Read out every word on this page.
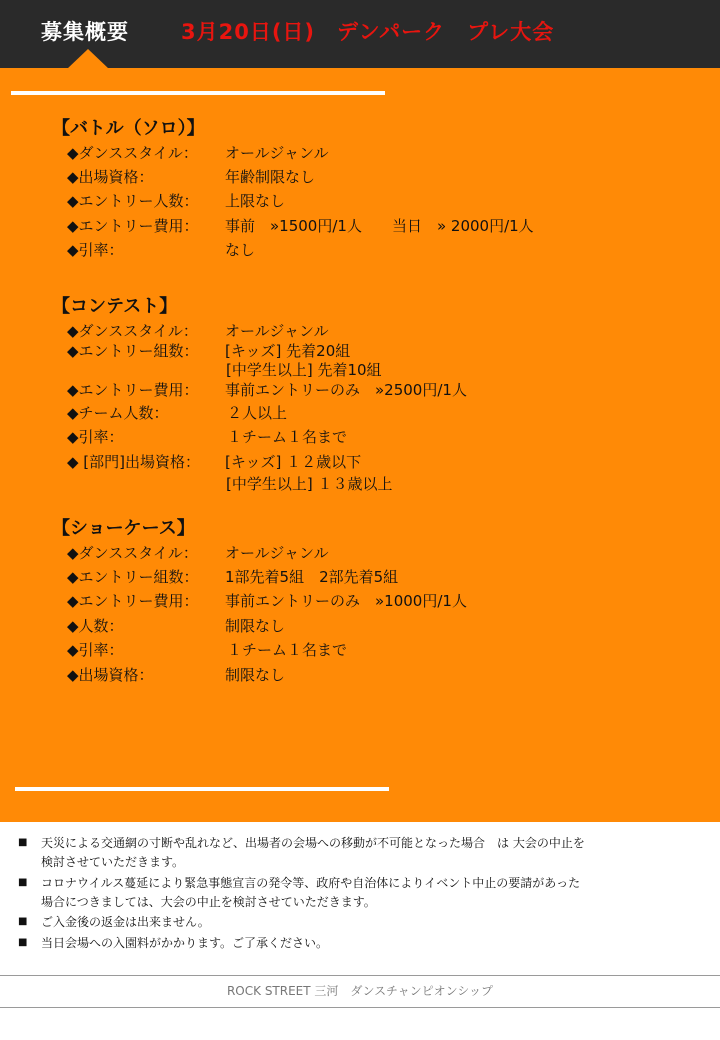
募集概要 3月20日(日)　デンパーク　プレ大会
【バトル（ソロ）】
◆ダンススタイル： オールジャンル
◆出場資格：	年齢制限なし
◆エントリー人数： 上限なし
◆エントリー費用： 事前　»1500円/1人　　当日　» 2000円/1人
◆引率：	なし
【コンテスト】
◆ダンススタイル： オールジャンル
◆エントリー組数： [キッズ] 先着20組
[中学生以上] 先着10組
◆エントリー費用： 事前エントリーのみ　»2500円/1人
◆チーム人数：	２人以上
◆引率：	１チーム１名まで
◆ [部門]出場資格： [キッズ] １２歳以下
[中学生以上] １３歳以上
【ショーケース】
◆ダンススタイル： オールジャンル
◆エントリー組数： 1部先着5組　2部先着5組
◆エントリー費用： 事前エントリーのみ　»1000円/1人
◆人数：	制限なし
◆引率：	１チーム１名まで
◆出場資格：	制限なし
■ 天災による交通網の寸断や乱れなど、出場者の会場への移動が不可能となった場合　は 大会の中止を
検討させていただきます。
■ コロナウイルス蔓延により緊急事態宣言の発令等、政府や自治体によりイベント中止の要請があった
場合につきましては、大会の中止を検討させていただきます。
■ ご入金後の返金は出来ません。
■ 当日会場への入園料がかかります。ご了承ください。
ROCK STREET 三河　ダンスチャンピオンシップ
